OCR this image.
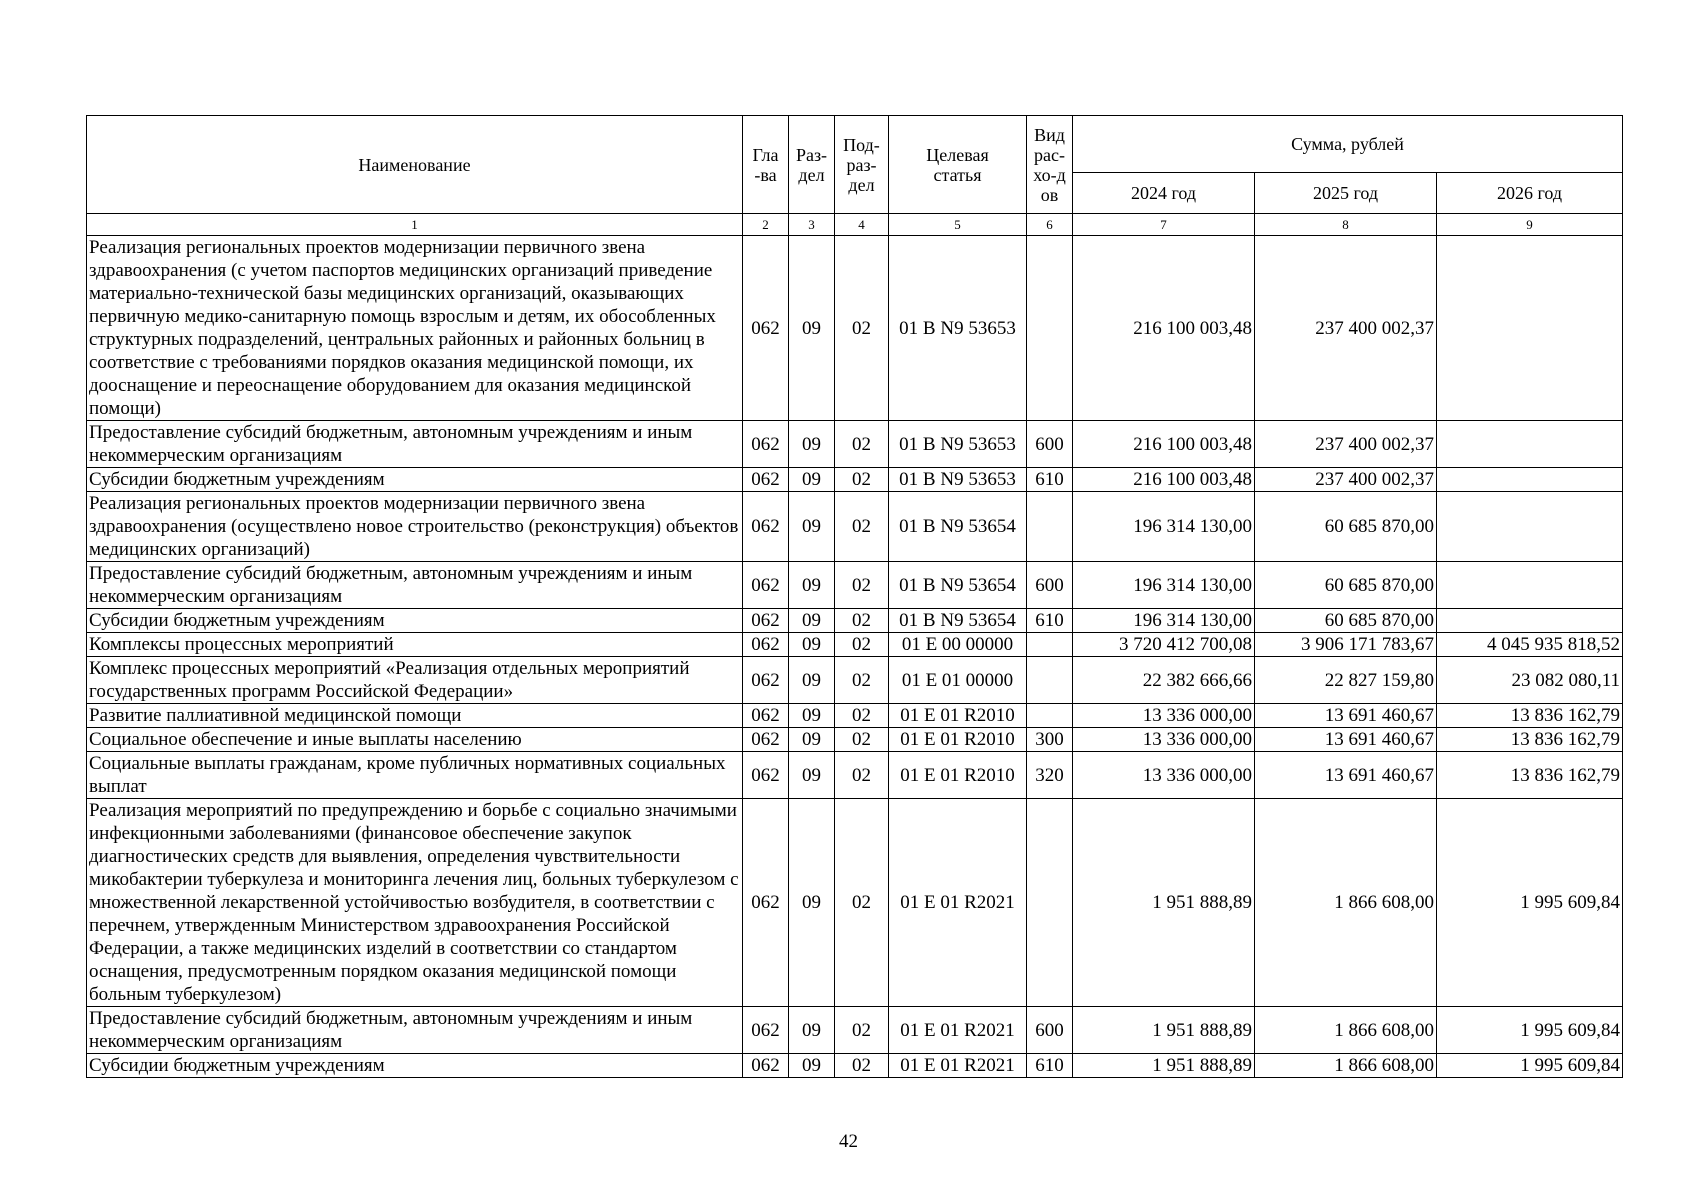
Наименование	Гла-ва	Раз-дел	Под-раз-дел	Целевая статья	Вид рас-хо-дов	Сумма, рублей		
						2024 год	2025 год	2026 год
1	2	3	4	5	6	7	8	9
Реализация региональных проектов модернизации первичного звена здравоохранения (с учетом паспортов медицинских организаций приведение материально-технической базы медицинских организаций, оказывающих первичную медико-санитарную помощь взрослым и детям, их обособленных структурных подразделений, центральных районных и районных больниц в соответствие с требованиями порядков оказания медицинской помощи, их дооснащение и переоснащение оборудованием для оказания медицинской помощи)	062	09	02	01 В N9 53653		216 100 003,48	237 400 002,37	
Предоставление субсидий бюджетным, автономным учреждениям и иным некоммерческим организациям	062	09	02	01 В N9 53653	600	216 100 003,48	237 400 002,37	
Субсидии бюджетным учреждениям	062	09	02	01 В N9 53653	610	216 100 003,48	237 400 002,37	
Реализация региональных проектов модернизации первичного звена здравоохранения (осуществлено новое строительство (реконструкция) объектов медицинских организаций)	062	09	02	01 В N9 53654		196 314 130,00	60 685 870,00	
Предоставление субсидий бюджетным, автономным учреждениям и иным некоммерческим организациям	062	09	02	01 В N9 53654	600	196 314 130,00	60 685 870,00	
Субсидии бюджетным учреждениям	062	09	02	01 В N9 53654	610	196 314 130,00	60 685 870,00	
Комплексы процессных мероприятий	062	09	02	01 Е 00 00000		3 720 412 700,08	3 906 171 783,67	4 045 935 818,52
Комплекс процессных мероприятий «Реализация отдельных мероприятий государственных программ Российской Федерации»	062	09	02	01 Е 01 00000		22 382 666,66	22 827 159,80	23 082 080,11
Развитие паллиативной медицинской помощи	062	09	02	01 Е 01 R2010		13 336 000,00	13 691 460,67	13 836 162,79
Социальное обеспечение и иные выплаты населению	062	09	02	01 Е 01 R2010	300	13 336 000,00	13 691 460,67	13 836 162,79
Социальные выплаты гражданам, кроме публичных нормативных социальных выплат	062	09	02	01 Е 01 R2010	320	13 336 000,00	13 691 460,67	13 836 162,79
Реализация мероприятий по предупреждению и борьбе с социально значимыми инфекционными заболеваниями (финансовое обеспечение закупок диагностических средств для выявления, определения чувствительности микобактерии туберкулеза и мониторинга лечения лиц, больных туберкулезом с множественной лекарственной устойчивостью возбудителя, в соответствии с перечнем, утвержденным Министерством здравоохранения Российской Федерации, а также медицинских изделий в соответствии со стандартом оснащения, предусмотренным порядком оказания медицинской помощи больным туберкулезом)	062	09	02	01 Е 01 R2021		1 951 888,89	1 866 608,00	1 995 609,84
Предоставление субсидий бюджетным, автономным учреждениям и иным некоммерческим организациям	062	09	02	01 Е 01 R2021	600	1 951 888,89	1 866 608,00	1 995 609,84
Субсидии бюджетным учреждениям	062	09	02	01 Е 01 R2021	610	1 951 888,89	1 866 608,00	1 995 609,84
42
